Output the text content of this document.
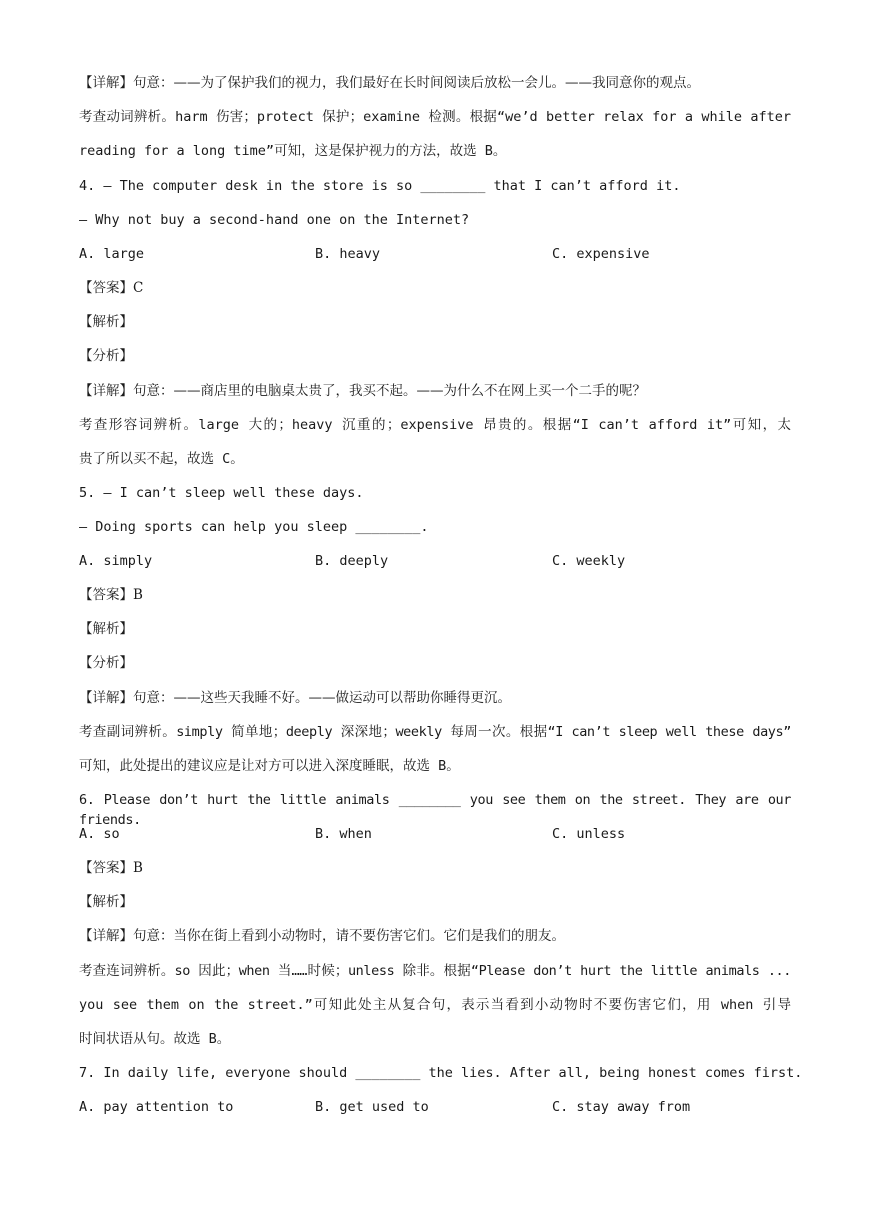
【详解】句意：——为了保护我们的视力，我们最好在长时间阅读后放松一会儿。——我同意你的观点。
考查动词辨析。harm 伤害；protect 保护；examine 检测。根据“we’d better relax for a while after
reading for a long time”可知，这是保护视力的方法，故选 B。
4. — The computer desk in the store is so ________ that I can’t afford it.
— Why not buy a second-hand one on the Internet?
A. large	B. heavy	C. expensive
【答案】C
【解析】
【分析】
【详解】句意：——商店里的电脑桌太贵了，我买不起。——为什么不在网上买一个二手的呢？
考查形容词辨析。large 大的；heavy 沉重的；expensive 昂贵的。根据“I can’t afford it”可知，太
贵了所以买不起，故选 C。
5. — I can’t sleep well these days.
— Doing sports can help you sleep ________.
A. simply	B. deeply	C. weekly
【答案】B
【解析】
【分析】
【详解】句意：——这些天我睡不好。——做运动可以帮助你睡得更沉。
考查副词辨析。simply 简单地；deeply 深深地；weekly 每周一次。根据“I can’t sleep well these days”
可知，此处提出的建议应是让对方可以进入深度睡眠，故选 B。
6. Please don’t hurt the little animals ________ you see them on the street. They are our friends.
A. so	B. when	C. unless
【答案】B
【解析】
【详解】句意：当你在街上看到小动物时，请不要伤害它们。它们是我们的朋友。
考查连词辨析。so 因此；when 当……时候；unless 除非。根据“Please don’t hurt the little animals ...
you see them on the street.”可知此处主从复合句，表示当看到小动物时不要伤害它们，用 when 引导
时间状语从句。故选 B。
7. In daily life, everyone should ________ the lies. After all, being honest comes first.
A. pay attention to	B. get used to	C. stay away from
